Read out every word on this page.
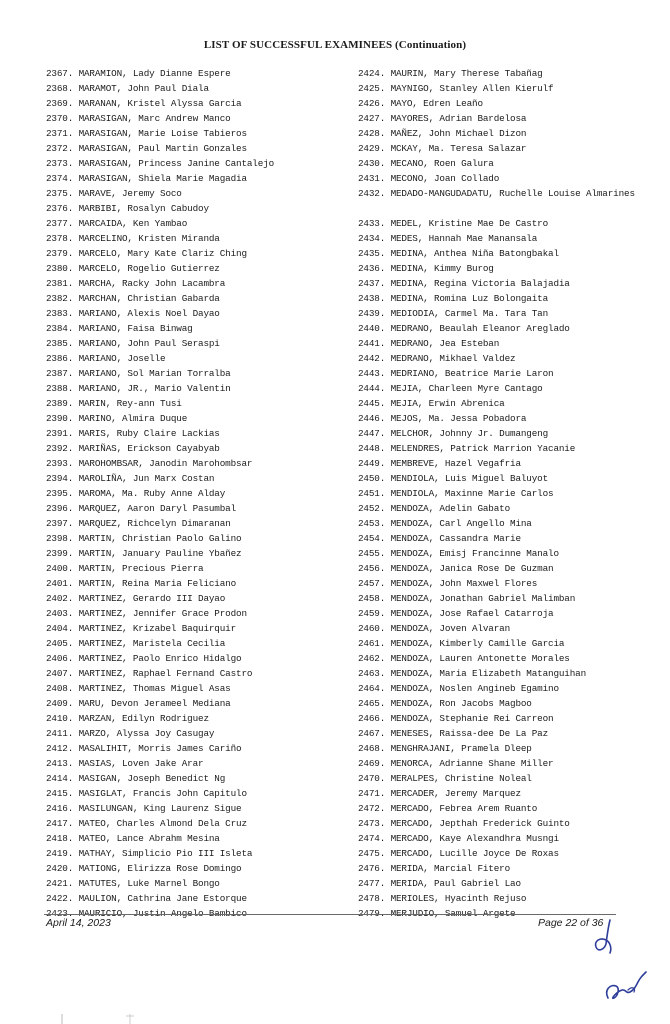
LIST OF SUCCESSFUL EXAMINEES (Continuation)
2367. MARAMION, Lady Dianne Espere
2368. MARAMOT, John Paul Diala
2369. MARANAN, Kristel Alyssa Garcia
2370. MARASIGAN, Marc Andrew Manco
2371. MARASIGAN, Marie Loise Tabieros
2372. MARASIGAN, Paul Martin Gonzales
2373. MARASIGAN, Princess Janine Cantalejo
2374. MARASIGAN, Shiela Marie Magadia
2375. MARAVE, Jeremy Soco
2376. MARBIBI, Rosalyn Cabudoy
2377. MARCAIDA, Ken Yambao
2378. MARCELINO, Kristen Miranda
2379. MARCELO, Mary Kate Clariz Ching
2380. MARCELO, Rogelio Gutierrez
2381. MARCHA, Racky John Lacambra
2382. MARCHAN, Christian Gabarda
2383. MARIANO, Alexis Noel Dayao
2384. MARIANO, Faisa Binwag
2385. MARIANO, John Paul Seraspi
2386. MARIANO, Joselle
2387. MARIANO, Sol Marian Torralba
2388. MARIANO, JR., Mario Valentin
2389. MARIN, Rey-ann Tusi
2390. MARINO, Almira Duque
2391. MARIS, Ruby Claire Lackias
2392. MARIÑAS, Erickson Cayabyab
2393. MAROHOMBSAR, Janodin Marohombsar
2394. MAROLIÑA, Jun Marx Costan
2395. MAROMA, Ma. Ruby Anne Alday
2396. MARQUEZ, Aaron Daryl Pasumbal
2397. MARQUEZ, Richcelyn Dimaranan
2398. MARTIN, Christian Paolo Galino
2399. MARTIN, January Pauline Ybañez
2400. MARTIN, Precious Pierra
2401. MARTIN, Reina Maria Feliciano
2402. MARTINEZ, Gerardo III Dayao
2403. MARTINEZ, Jennifer Grace Prodon
2404. MARTINEZ, Krizabel Baquirquir
2405. MARTINEZ, Maristela Cecilia
2406. MARTINEZ, Paolo Enrico Hidalgo
2407. MARTINEZ, Raphael Fernand Castro
2408. MARTINEZ, Thomas Miguel Asas
2409. MARU, Devon Jerameel Mediana
2410. MARZAN, Edilyn Rodriguez
2411. MARZO, Alyssa Joy Casugay
2412. MASALIHIT, Morris James Cariño
2413. MASIAS, Loven Jake Arar
2414. MASIGAN, Joseph Benedict Ng
2415. MASIGLAT, Francis John Capitulo
2416. MASILUNGAN, King Laurenz Sigue
2417. MATEO, Charles Almond Dela Cruz
2418. MATEO, Lance Abrahm Mesina
2419. MATHAY, Simplicio Pio III Isleta
2420. MATIONG, Elirizza Rose Domingo
2421. MATUTES, Luke Marnel Bongo
2422. MAULION, Cathrina Jane Estorque
2423. MAURICIO, Justin Angelo Bambico
2424. MAURIN, Mary Therese Tabañag
2425. MAYNIGO, Stanley Allen Kierulf
2426. MAYO, Edren Leaño
2427. MAYORES, Adrian Bardelosa
2428. MAÑEZ, John Michael Dizon
2429. MCKAY, Ma. Teresa Salazar
2430. MECANO, Roen Galura
2431. MECONO, Joan Collado
2432. MEDADO-MANGUDADATU, Ruchelle Louise Almarines
2433. MEDEL, Kristine Mae De Castro
2434. MEDES, Hannah Mae Manansala
2435. MEDINA, Anthea Niña Batongbakal
2436. MEDINA, Kimmy Burog
2437. MEDINA, Regina Victoria Balajadia
2438. MEDINA, Romina Luz Bolongaita
2439. MEDIODIA, Carmel Ma. Tara Tan
2440. MEDRANO, Beaulah Eleanor Areglado
2441. MEDRANO, Jea Esteban
2442. MEDRANO, Mikhael Valdez
2443. MEDRIANO, Beatrice Marie Laron
2444. MEJIA, Charleen Myre Cantago
2445. MEJIA, Erwin Abrenica
2446. MEJOS, Ma. Jessa Pobadora
2447. MELCHOR, Johnny Jr. Dumangeng
2448. MELENDRES, Patrick Marrion Yacanie
2449. MEMBREVE, Hazel Vegafria
2450. MENDIOLA, Luis Miguel Baluyot
2451. MENDIOLA, Maxinne Marie Carlos
2452. MENDOZA, Adelin Gabato
2453. MENDOZA, Carl Angello Mina
2454. MENDOZA, Cassandra Marie
2455. MENDOZA, Emisj Francinne Manalo
2456. MENDOZA, Janica Rose De Guzman
2457. MENDOZA, John Maxwel Flores
2458. MENDOZA, Jonathan Gabriel Malimban
2459. MENDOZA, Jose Rafael Catarroja
2460. MENDOZA, Joven Alvaran
2461. MENDOZA, Kimberly Camille Garcia
2462. MENDOZA, Lauren Antonette Morales
2463. MENDOZA, Maria Elizabeth Matanguihan
2464. MENDOZA, Noslen Angineb Egamino
2465. MENDOZA, Ron Jacobs Magboo
2466. MENDOZA, Stephanie Rei Carreon
2467. MENESES, Raissa-dee De La Paz
2468. MENGHRAJANI, Pramela Dleep
2469. MENORCA, Adrianne Shane Miller
2470. MERALPES, Christine Noleal
2471. MERCADER, Jeremy Marquez
2472. MERCADO, Febrea Arem Ruanto
2473. MERCADO, Jepthah Frederick Guinto
2474. MERCADO, Kaye Alexandhra Musngi
2475. MERCADO, Lucille Joyce De Roxas
2476. MERIDA, Marcial Fitero
2477. MERIDA, Paul Gabriel Lao
2478. MERIOLES, Hyacinth Rejuso
2479. MERJUDIO, Samuel Argete
April 14, 2023	Page 22 of 36
